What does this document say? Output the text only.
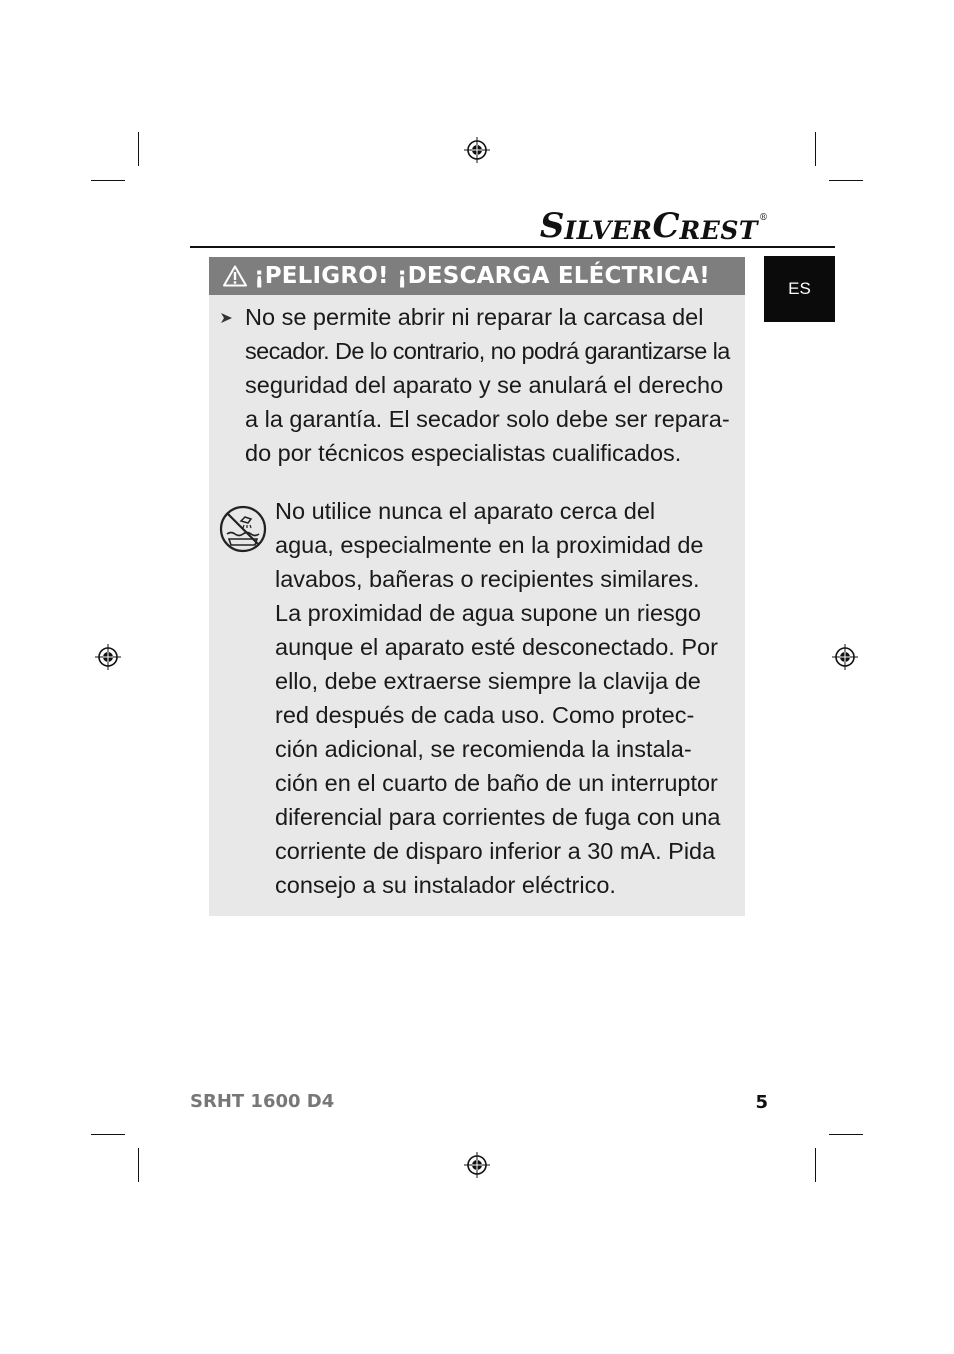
S ILVER C REST ®
ES
¡PELIGRO! ¡DESCARGA ELÉCTRICA!
No se permite abrir ni reparar la carcasa del
secador. De lo contrario, no podrá garantizarse la
seguridad del aparato y se anulará el derecho
a la garantía. El secador solo debe ser repara-
do por técnicos especialistas cualificados.
No utilice nunca el aparato cerca del
agua, especialmente en la proximidad de
lavabos, bañeras o recipientes similares.
La proximidad de agua supone un riesgo
aunque el aparato esté desconectado. Por
ello, debe extraerse siempre la clavija de
red después de cada uso. Como protec-
ción adicional, se recomienda la instala-
ción en el cuarto de baño de un interruptor
diferencial para corrientes de fuga con una
corriente de disparo inferior a 30 mA. Pida
consejo a su instalador eléctrico.
SRHT 1600 D4	5
